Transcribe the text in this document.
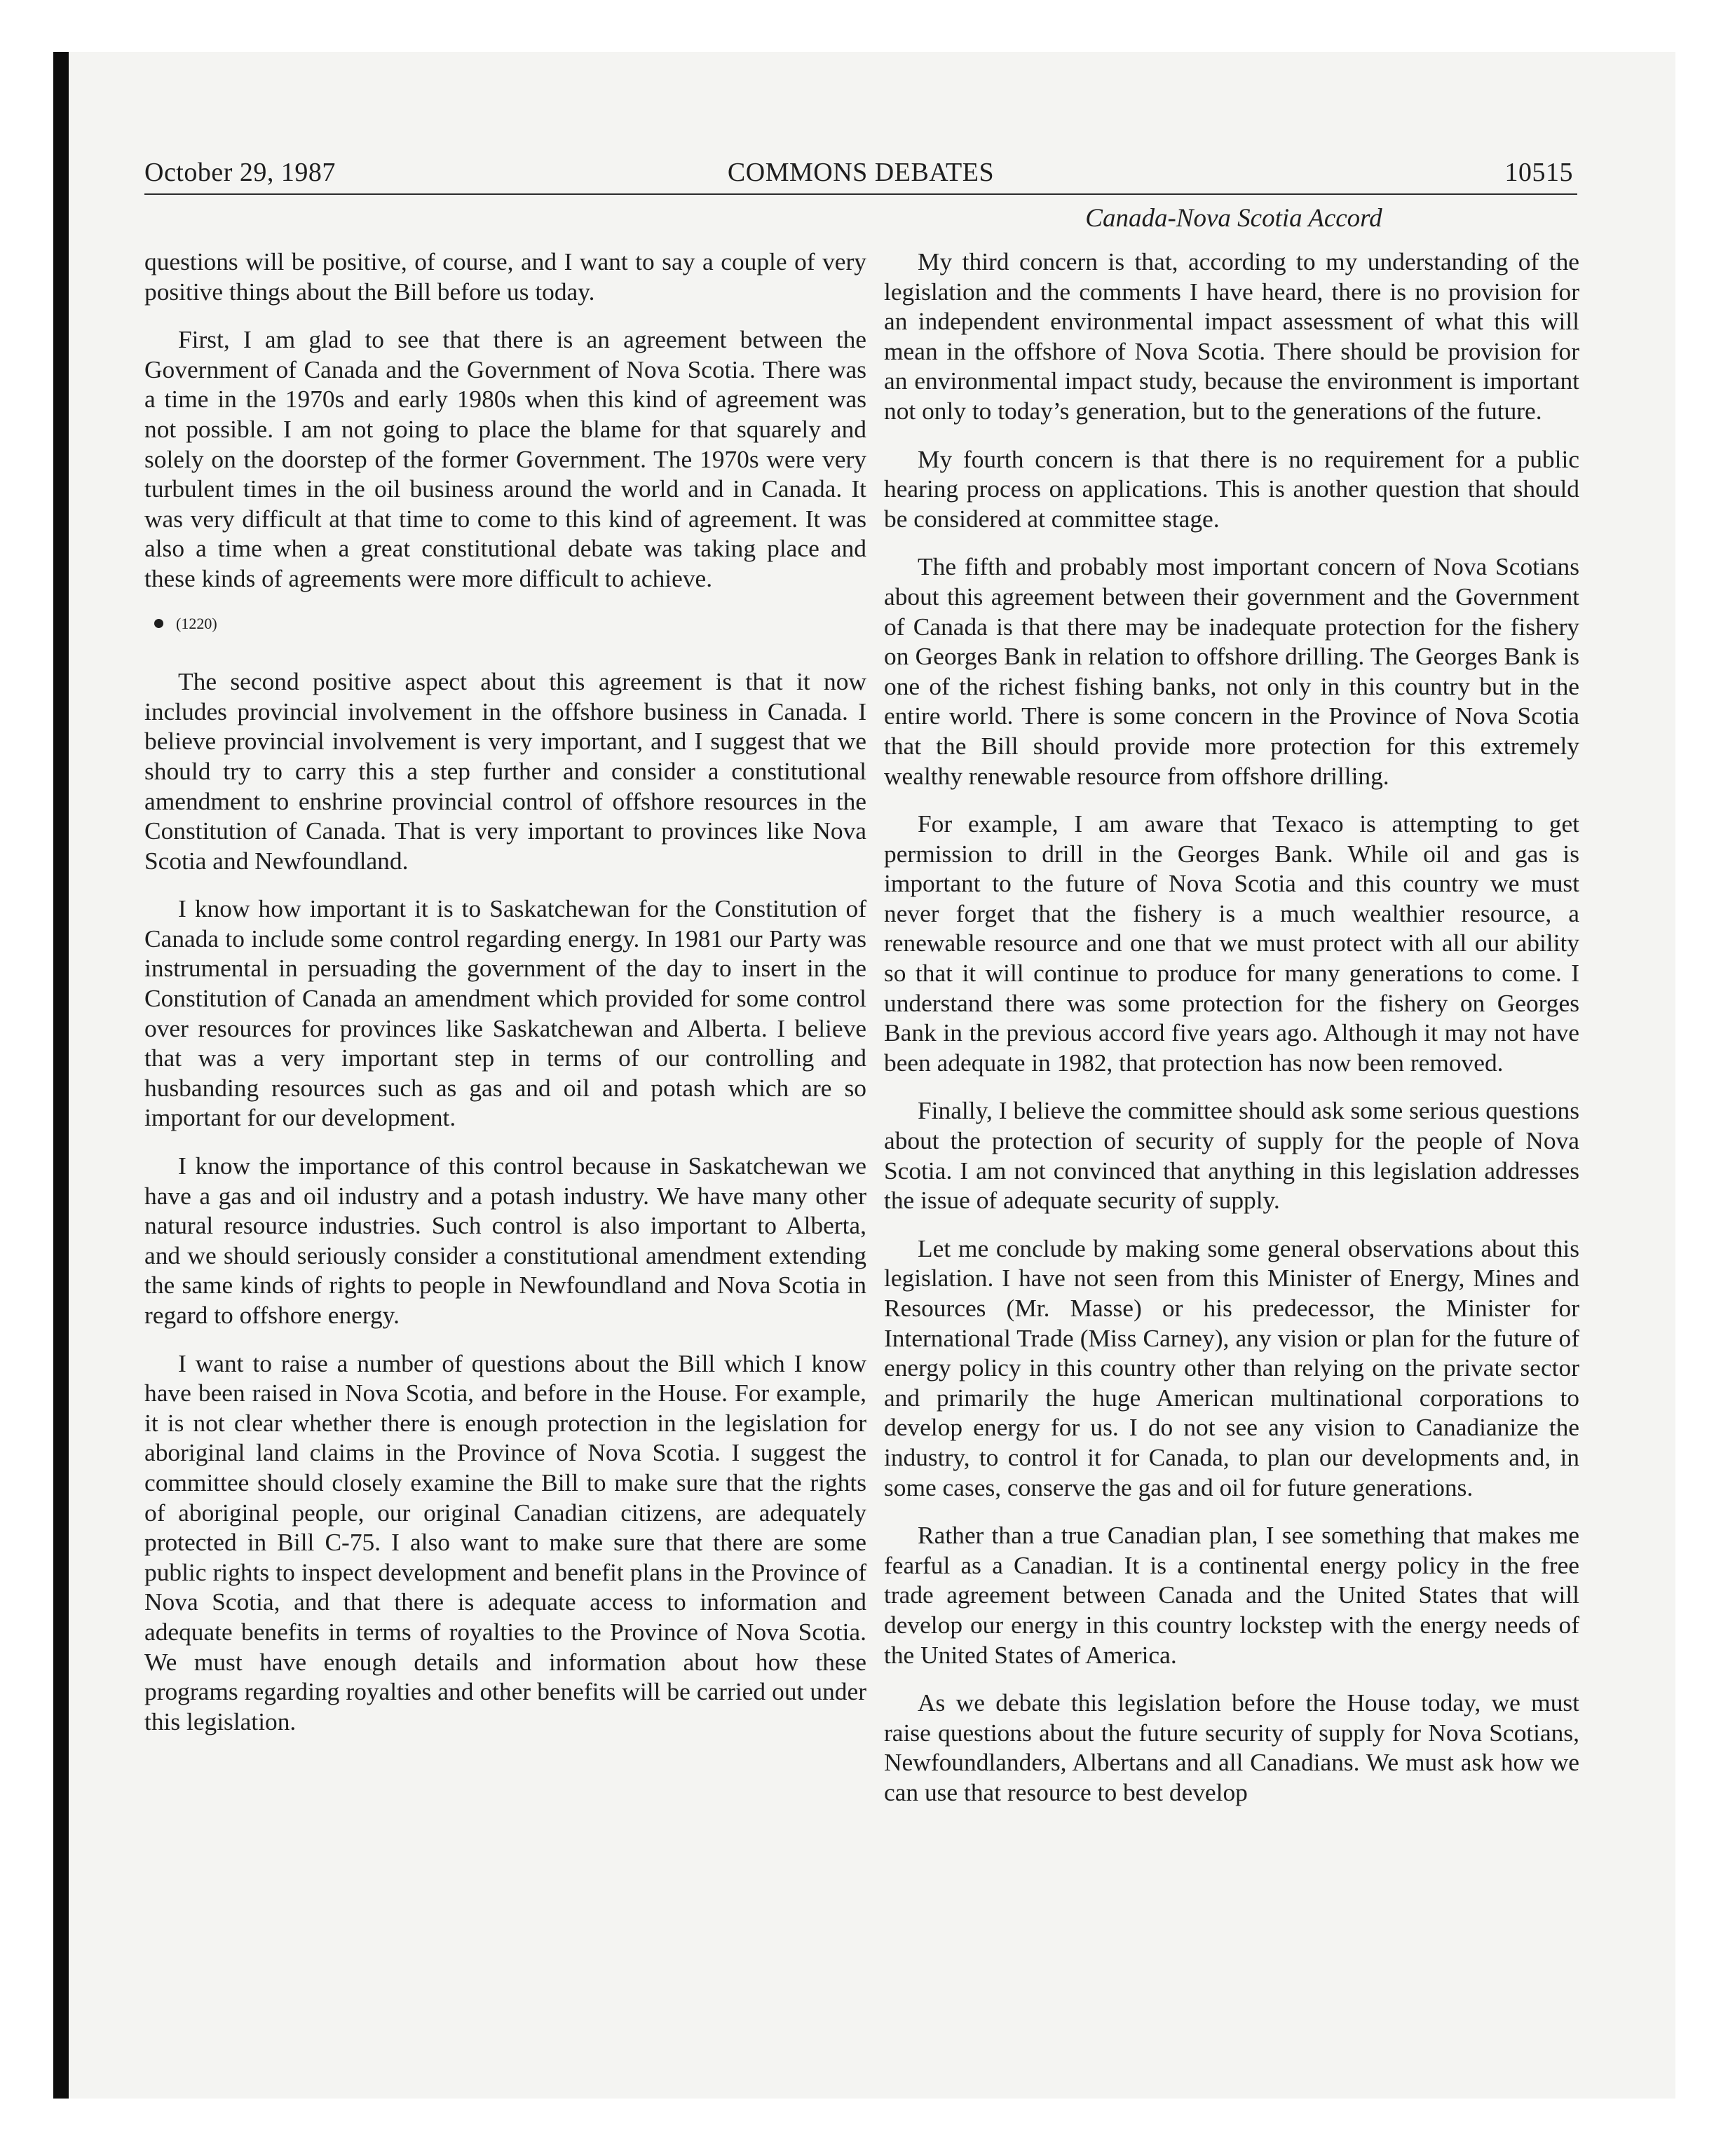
October 29, 1987	COMMONS DEBATES	10515
Canada-Nova Scotia Accord

questions will be positive, of course, and I want to say a couple of very positive things about the Bill before us today.

First, I am glad to see that there is an agreement between the Government of Canada and the Government of Nova Scotia. There was a time in the 1970s and early 1980s when this kind of agreement was not possible. I am not going to place the blame for that squarely and solely on the doorstep of the former Government. The 1970s were very turbulent times in the oil business around the world and in Canada. It was very difficult at that time to come to this kind of agreement. It was also a time when a great constitutional debate was taking place and these kinds of agreements were more difficult to achieve.

(1220)

The second positive aspect about this agreement is that it now includes provincial involvement in the offshore business in Canada. I believe provincial involvement is very important, and I suggest that we should try to carry this a step further and consider a constitutional amendment to enshrine provincial control of offshore resources in the Constitution of Canada. That is very important to provinces like Nova Scotia and Newfoundland.

I know how important it is to Saskatchewan for the Constitution of Canada to include some control regarding energy. In 1981 our Party was instrumental in persuading the government of the day to insert in the Constitution of Canada an amendment which provided for some control over resources for provinces like Saskatchewan and Alberta. I believe that was a very important step in terms of our controlling and husbanding resources such as gas and oil and potash which are so important for our development.

I know the importance of this control because in Saskatchewan we have a gas and oil industry and a potash industry. We have many other natural resource industries. Such control is also important to Alberta, and we should seriously consider a constitutional amendment extending the same kinds of rights to people in Newfoundland and Nova Scotia in regard to offshore energy.

I want to raise a number of questions about the Bill which I know have been raised in Nova Scotia, and before in the House. For example, it is not clear whether there is enough protection in the legislation for aboriginal land claims in the Province of Nova Scotia. I suggest the committee should closely examine the Bill to make sure that the rights of aboriginal people, our original Canadian citizens, are adequately protected in Bill C-75. I also want to make sure that there are some public rights to inspect development and benefit plans in the Province of Nova Scotia, and that there is adequate access to information and adequate benefits in terms of royalties to the Province of Nova Scotia. We must have enough details and information about how these programs regarding royalties and other benefits will be carried out under this legislation.

My third concern is that, according to my understanding of the legislation and the comments I have heard, there is no provision for an independent environmental impact assessment of what this will mean in the offshore of Nova Scotia. There should be provision for an environmental impact study, because the environment is important not only to today’s generation, but to the generations of the future.

My fourth concern is that there is no requirement for a public hearing process on applications. This is another question that should be considered at committee stage.

The fifth and probably most important concern of Nova Scotians about this agreement between their government and the Government of Canada is that there may be inadequate protection for the fishery on Georges Bank in relation to offshore drilling. The Georges Bank is one of the richest fishing banks, not only in this country but in the entire world. There is some concern in the Province of Nova Scotia that the Bill should provide more protection for this extremely wealthy renewable resource from offshore drilling.

For example, I am aware that Texaco is attempting to get permission to drill in the Georges Bank. While oil and gas is important to the future of Nova Scotia and this country we must never forget that the fishery is a much wealthier resource, a renewable resource and one that we must protect with all our ability so that it will continue to produce for many generations to come. I understand there was some protection for the fishery on Georges Bank in the previous accord five years ago. Although it may not have been adequate in 1982, that protection has now been removed.

Finally, I believe the committee should ask some serious questions about the protection of security of supply for the people of Nova Scotia. I am not convinced that anything in this legislation addresses the issue of adequate security of supply.

Let me conclude by making some general observations about this legislation. I have not seen from this Minister of Energy, Mines and Resources (Mr. Masse) or his predecessor, the Minister for International Trade (Miss Carney), any vision or plan for the future of energy policy in this country other than relying on the private sector and primarily the huge American multinational corporations to develop energy for us. I do not see any vision to Canadianize the industry, to control it for Canada, to plan our developments and, in some cases, conserve the gas and oil for future generations.

Rather than a true Canadian plan, I see something that makes me fearful as a Canadian. It is a continental energy policy in the free trade agreement between Canada and the United States that will develop our energy in this country lockstep with the energy needs of the United States of America.

As we debate this legislation before the House today, we must raise questions about the future security of supply for Nova Scotians, Newfoundlanders, Albertans and all Canadians. We must ask how we can use that resource to best develop
